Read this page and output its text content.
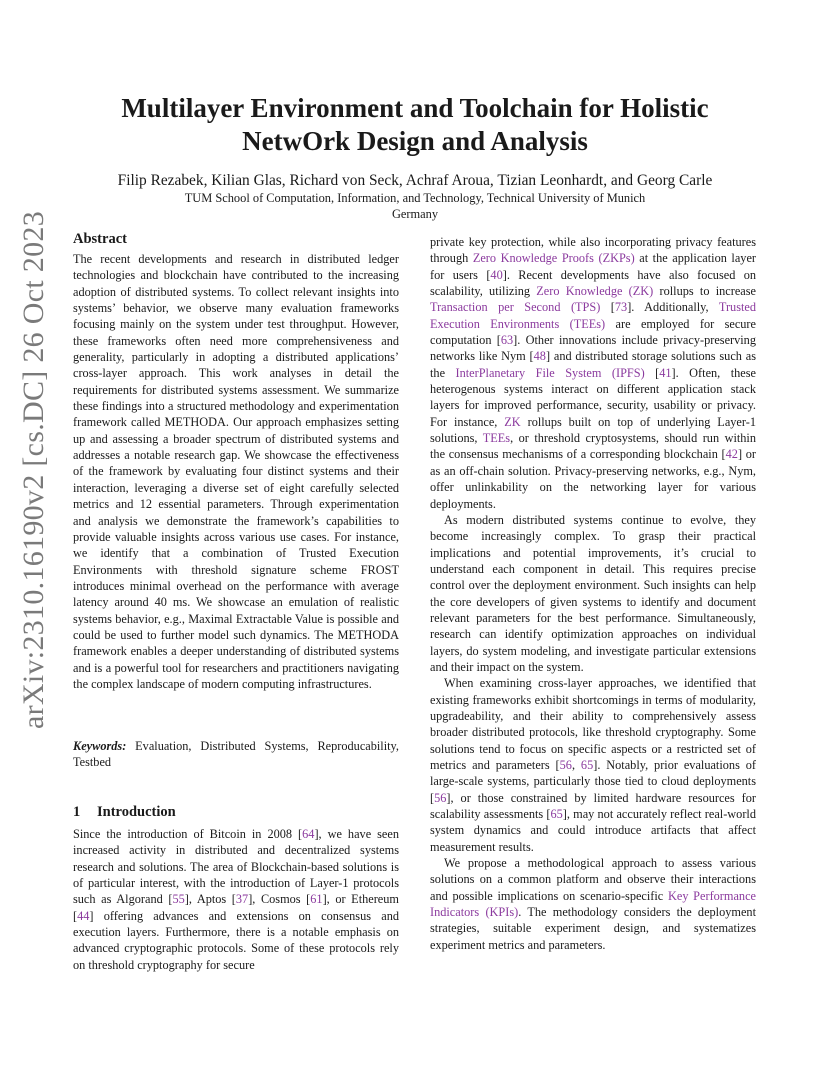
arXiv:2310.16190v2 [cs.DC] 26 Oct 2023
Multilayer Environment and Toolchain for Holistic
NetwOrk Design and Analysis
Filip Rezabek, Kilian Glas, Richard von Seck, Achraf Aroua, Tizian Leonhardt, and Georg Carle
TUM School of Computation, Information, and Technology, Technical University of Munich
Germany
Abstract

The recent developments and research in distributed ledger technologies and blockchain have contributed to the increasing adoption of distributed systems. To collect relevant insights into systems’ behavior, we observe many evaluation frameworks focusing mainly on the system under test throughput. However, these frameworks often need more comprehensiveness and generality, particularly in adopting a distributed applications’ cross-layer approach. This work analyses in detail the requirements for distributed systems assessment. We summarize these findings into a structured methodology and experimentation framework called METHODA. Our approach emphasizes setting up and assessing a broader spectrum of distributed systems and addresses a notable research gap. We showcase the effectiveness of the framework by evaluating four distinct systems and their interaction, leveraging a diverse set of eight carefully selected metrics and 12 essential parameters. Through experimentation and analysis we demonstrate the framework’s capabilities to provide valuable insights across various use cases. For instance, we identify that a combination of Trusted Execution Environments with threshold signature scheme FROST introduces minimal overhead on the performance with average latency around 40 ms. We showcase an emulation of realistic systems behavior, e.g., Maximal Extractable Value is possible and could be used to further model such dynamics. The METHODA framework enables a deeper understanding of distributed systems and is a powerful tool for researchers and practitioners navigating the complex landscape of modern computing infrastructures.

Keywords: Evaluation, Distributed Systems, Reproducability, Testbed

1 Introduction

Since the introduction of Bitcoin in 2008 [64], we have seen increased activity in distributed and decentralized systems research and solutions. The area of Blockchain-based solutions is of particular interest, with the introduction of Layer-1 protocols such as Algorand [55], Aptos [37], Cosmos [61], or Ethereum [44] offering advances and extensions on consensus and execution layers. Furthermore, there is a notable emphasis on advanced cryptographic protocols. Some of these protocols rely on threshold cryptography for secure

private key protection, while also incorporating privacy features through Zero Knowledge Proofs (ZKPs) at the application layer for users [40]. Recent developments have also focused on scalability, utilizing Zero Knowledge (ZK) rollups to increase Transaction per Second (TPS) [73]. Additionally, Trusted Execution Environments (TEEs) are employed for secure computation [63]. Other innovations include privacy-preserving networks like Nym [48] and distributed storage solutions such as the InterPlanetary File System (IPFS) [41]. Often, these heterogenous systems interact on different application stack layers for improved performance, security, usability or privacy. For instance, ZK rollups built on top of underlying Layer-1 solutions, TEEs, or threshold cryptosystems, should run within the consensus mechanisms of a corresponding blockchain [42] or as an off-chain solution. Privacy-preserving networks, e.g., Nym, offer unlinkability on the networking layer for various deployments.

As modern distributed systems continue to evolve, they become increasingly complex. To grasp their practical implications and potential improvements, it’s crucial to understand each component in detail. This requires precise control over the deployment environment. Such insights can help the core developers of given systems to identify and document relevant parameters for the best performance. Simultaneously, research can identify optimization approaches on individual layers, do system modeling, and investigate particular extensions and their impact on the system.

When examining cross-layer approaches, we identified that existing frameworks exhibit shortcomings in terms of modularity, upgradeability, and their ability to comprehensively assess broader distributed protocols, like threshold cryptography. Some solutions tend to focus on specific aspects or a restricted set of metrics and parameters [56, 65]. Notably, prior evaluations of large-scale systems, particularly those tied to cloud deployments [56], or those constrained by limited hardware resources for scalability assessments [65], may not accurately reflect real-world system dynamics and could introduce artifacts that affect measurement results.

We propose a methodological approach to assess various solutions on a common platform and observe their interactions and possible implications on scenario-specific Key Performance Indicators (KPIs). The methodology considers the deployment strategies, suitable experiment design, and systematizes experiment metrics and parameters.
